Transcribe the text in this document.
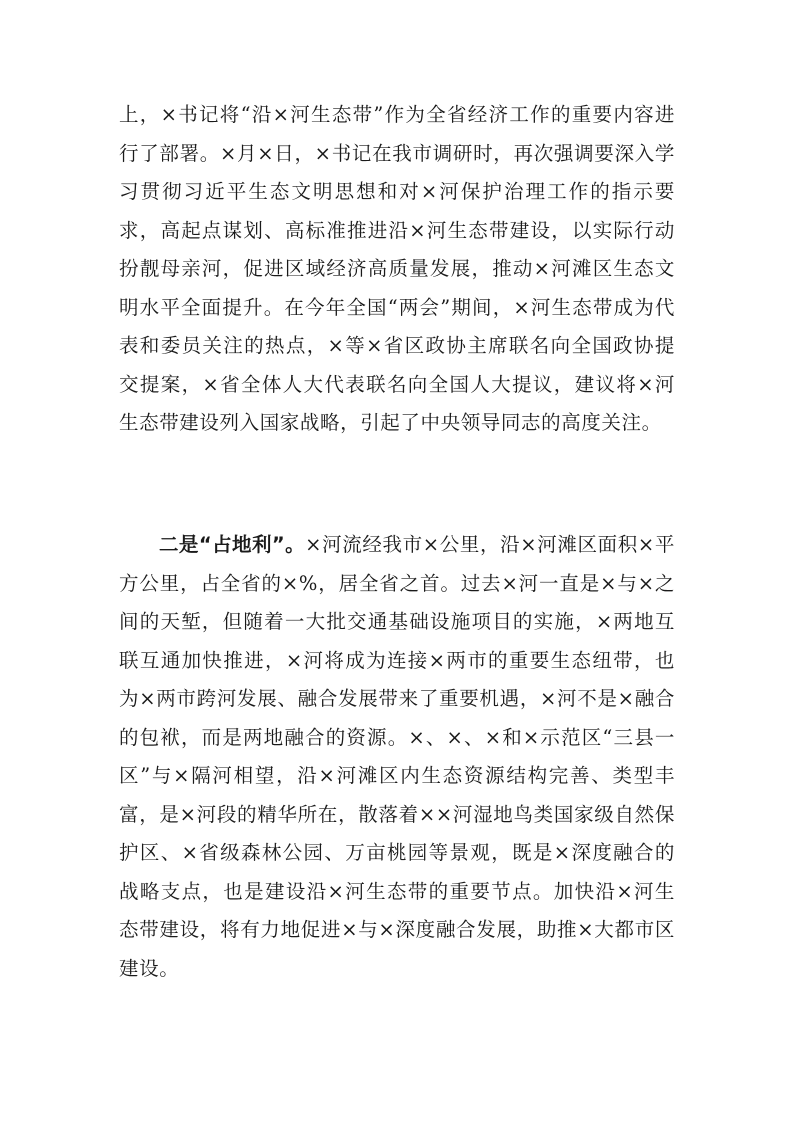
上，×书记将“沿×河生态带”作为全省经济工作的重要内容进行了部署。×月×日，×书记在我市调研时，再次强调要深入学习贯彻习近平生态文明思想和对×河保护治理工作的指示要求，高起点谋划、高标准推进沿×河生态带建设，以实际行动扮靓母亲河，促进区域经济高质量发展，推动×河滩区生态文明水平全面提升。在今年全国“两会”期间，×河生态带成为代表和委员关注的热点，×等×省区政协主席联名向全国政协提交提案，×省全体人大代表联名向全国人大提议，建议将×河生态带建设列入国家战略，引起了中央领导同志的高度关注。

二是“占地利”。×河流经我市×公里，沿×河滩区面积×平方公里，占全省的×%，居全省之首。过去×河一直是×与×之间的天堑，但随着一大批交通基础设施项目的实施，×两地互联互通加快推进，×河将成为连接×两市的重要生态纽带，也为×两市跨河发展、融合发展带来了重要机遇，×河不是×融合的包袱，而是两地融合的资源。×、×、×和×示范区“三县一区”与×隔河相望，沿×河滩区内生态资源结构完善、类型丰富，是×河段的精华所在，散落着××河湿地鸟类国家级自然保护区、×省级森林公园、万亩桃园等景观，既是×深度融合的战略支点，也是建设沿×河生态带的重要节点。加快沿×河生态带建设，将有力地促进×与×深度融合发展，助推×大都市区建设。
